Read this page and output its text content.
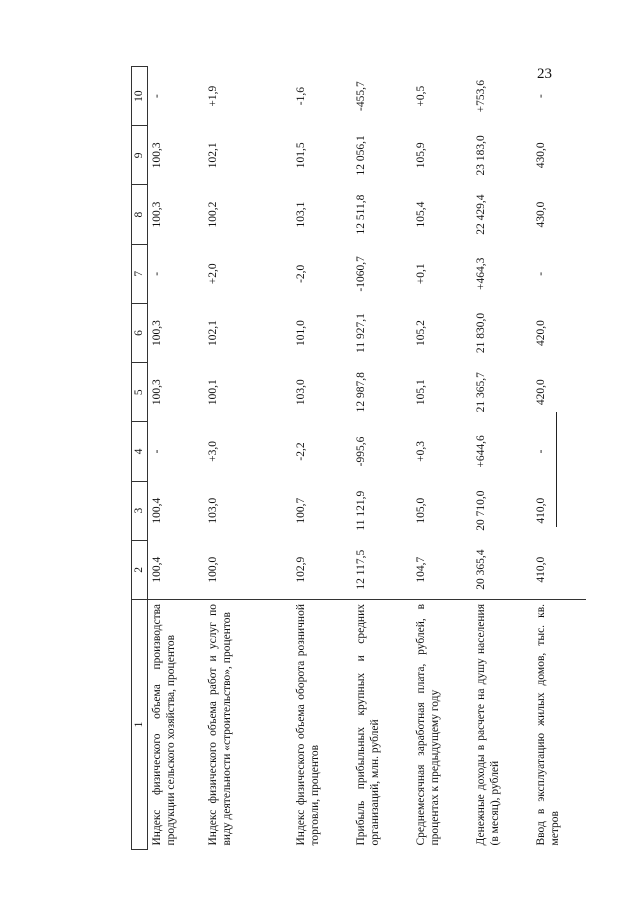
23
1	2	3	4	5	6	7	8	9	10
Индекс физического объема производства продукции сельского хозяйства, процентов	100,4	100,4	-	100,3	100,3	-	100,3	100,3	-
Индекс физического объема работ и услуг по виду деятельности «строительство», процентов	100,0	103,0	+3,0	100,1	102,1	+2,0	100,2	102,1	+1,9
Индекс физического объема оборота розничной торговли, процентов	102,9	100,7	-2,2	103,0	101,0	-2,0	103,1	101,5	-1,6
Прибыль прибыльных крупных и средних организаций, млн. рублей	12 117,5	11 121,9	-995,6	12 987,8	11 927,1	-1060,7	12 511,8	12 056,1	-455,7
Среднемесячная заработная плата, рублей, в процентах к предыдущему году	104,7	105,0	+0,3	105,1	105,2	+0,1	105,4	105,9	+0,5
Денежные доходы в расчете на душу населения (в месяц), рублей	20 365,4	20 710,0	+644,6	21 365,7	21 830,0	+464,3	22 429,4	23 183,0	+753,6
Ввод в эксплуатацию жилых домов, тыс. кв. метров	410,0	410,0	-	420,0	420,0	-	430,0	430,0	-
